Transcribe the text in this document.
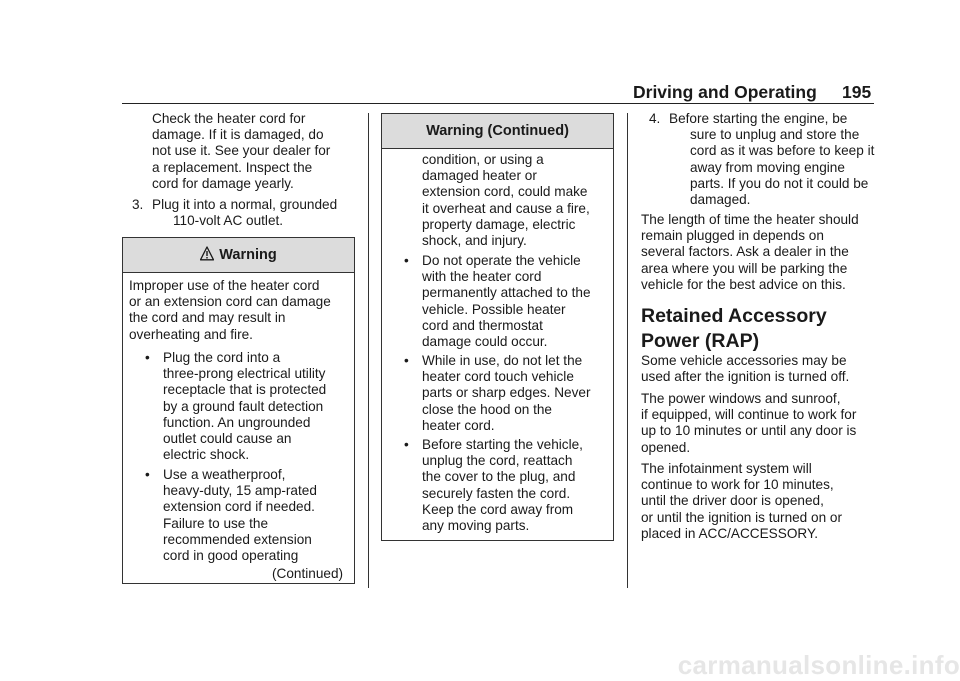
Driving and Operating 195
Check the heater cord for
damage. If it is damaged, do
not use it. See your dealer for
a replacement. Inspect the
cord for damage yearly.
3. Plug it into a normal, grounded
110-volt AC outlet.
Warning
Improper use of the heater cord
or an extension cord can damage
the cord and may result in
overheating and fire.
• Plug the cord into a
three-prong electrical utility
receptacle that is protected
by a ground fault detection
function. An ungrounded
outlet could cause an
electric shock.
• Use a weatherproof,
heavy-duty, 15 amp-rated
extension cord if needed.
Failure to use the
recommended extension
cord in good operating
(Continued)
Warning (Continued)
condition, or using a
damaged heater or
extension cord, could make
it overheat and cause a fire,
property damage, electric
shock, and injury.
• Do not operate the vehicle
with the heater cord
permanently attached to the
vehicle. Possible heater
cord and thermostat
damage could occur.
• While in use, do not let the
heater cord touch vehicle
parts or sharp edges. Never
close the hood on the
heater cord.
• Before starting the vehicle,
unplug the cord, reattach
the cover to the plug, and
securely fasten the cord.
Keep the cord away from
any moving parts.
4. Before starting the engine, be
sure to unplug and store the
cord as it was before to keep it
away from moving engine
parts. If you do not it could be
damaged.
The length of time the heater should
remain plugged in depends on
several factors. Ask a dealer in the
area where you will be parking the
vehicle for the best advice on this.
Retained Accessory
Power (RAP)
Some vehicle accessories may be
used after the ignition is turned off.
The power windows and sunroof,
if equipped, will continue to work for
up to 10 minutes or until any door is
opened.
The infotainment system will
continue to work for 10 minutes,
until the driver door is opened,
or until the ignition is turned on or
placed in ACC/ACCESSORY.
carmanualsonline.info
